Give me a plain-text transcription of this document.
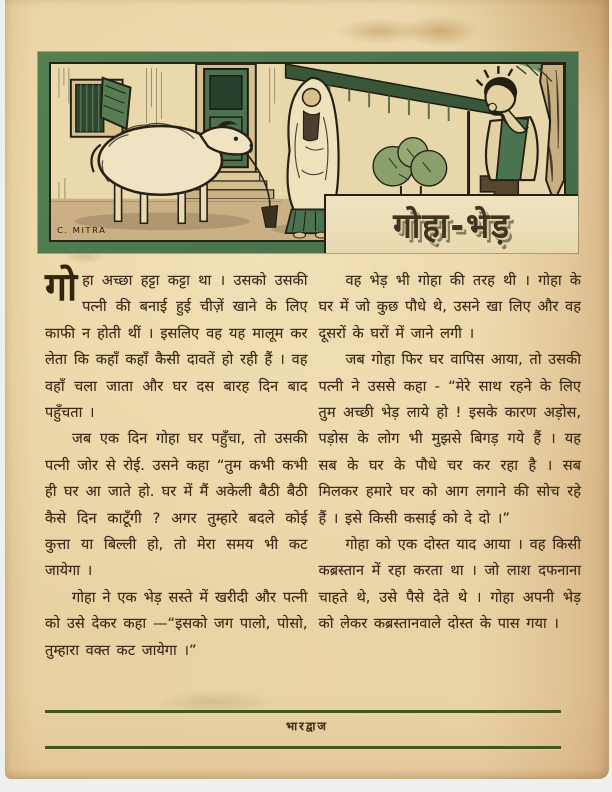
C. MITRA	गोहा-भेड़

गोहा अच्छा हट्टा कट्टा था । उसको उसकी पत्नी की बनाई हुई चीज़ें खाने के लिए काफी न होती थीं । इसलिए वह यह मालूम कर लेता कि कहाँ कहाँ कैसी दावतें हो रही हैं । वह वहाँ चला जाता और घर दस बारह दिन बाद पहुँचता ।

जब एक दिन गोहा घर पहुँचा, तो उसकी पत्नी जोर से रोई. उसने कहा “तुम कभी कभी ही घर आ जाते हो. घर में मैं अकेली बैठी बैठी कैसे दिन काटूँगी ? अगर तुम्हारे बदले कोई कुत्ता या बिल्ली हो, तो मेरा समय भी कट जायेगा ।

गोहा ने एक भेड़ सस्ते में खरीदी और पत्नी को उसे देकर कहा —“इसको जग पालो, पोसो, तुम्हारा वक्त कट जायेगा ।”

वह भेड़ भी गोहा की तरह थी । गोहा के घर में जो कुछ पौधे थे, उसने खा लिए और वह दूसरों के घरों में जाने लगी ।

जब गोहा फिर घर वापिस आया, तो उसकी पत्नी ने उससे कहा - “मेरे साथ रहने के लिए तुम अच्छी भेड़ लाये हो ! इसके कारण अड़ोस, पड़ोस के लोग भी मुझसे बिगड़ गये हैं । यह सब के घर के पौधे चर कर रहा है । सब मिलकर हमारे घर को आग लगाने की सोच रहे हैं । इसे किसी कसाई को दे दो ।”

गोहा को एक दोस्त याद आया । वह किसी कब्रस्तान में रहा करता था । जो लाश दफनाना चाहते थे, उसे पैसे देते थे । गोहा अपनी भेड़ को लेकर कब्रस्तानवाले दोस्त के पास गया ।

भारद्वाज
